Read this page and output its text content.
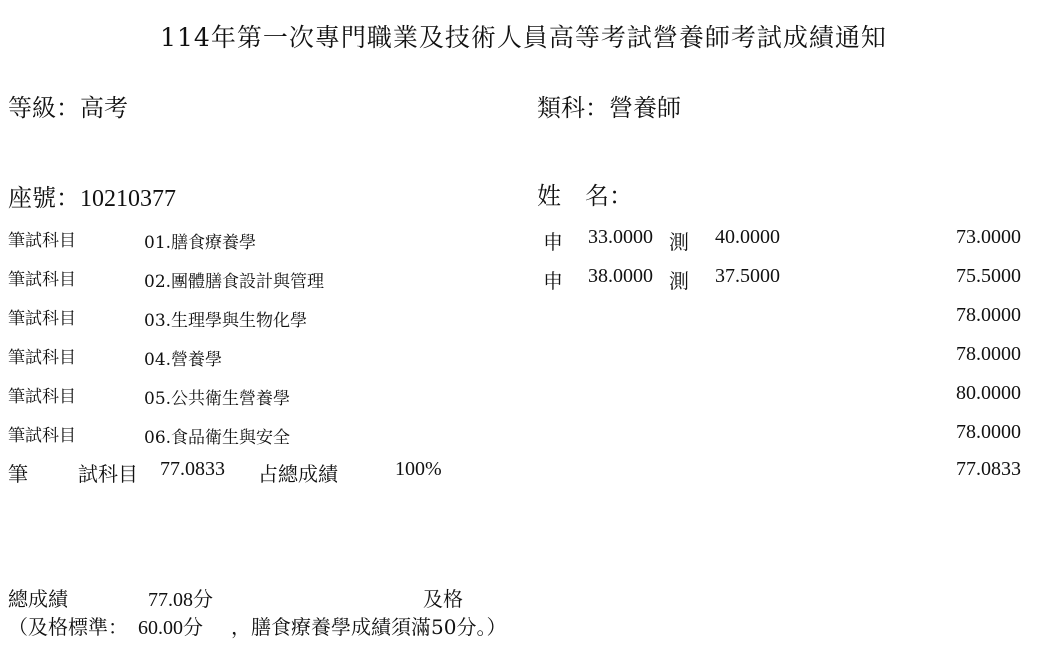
114年第一次專門職業及技術人員高等考試營養師考試成績通知
等級：高考	類科：營養師
座號：10210377	姓　名：
筆試科目	01.膳食療養學	申 33.0000 測 40.0000	73.0000
筆試科目	02.團體膳食設計與管理	申 38.0000 測 37.5000	75.5000
筆試科目	03.生理學與生物化學	78.0000
筆試科目	04.營養學	78.0000
筆試科目	05.公共衛生營養學	80.0000
筆試科目	06.食品衛生與安全	78.0000
筆	試科目 77.0833 占總成績	100%	77.0833
總成績	77.08分	及格
（及格標準： 60.00分 ，膳食療養學成績須滿50分。）
